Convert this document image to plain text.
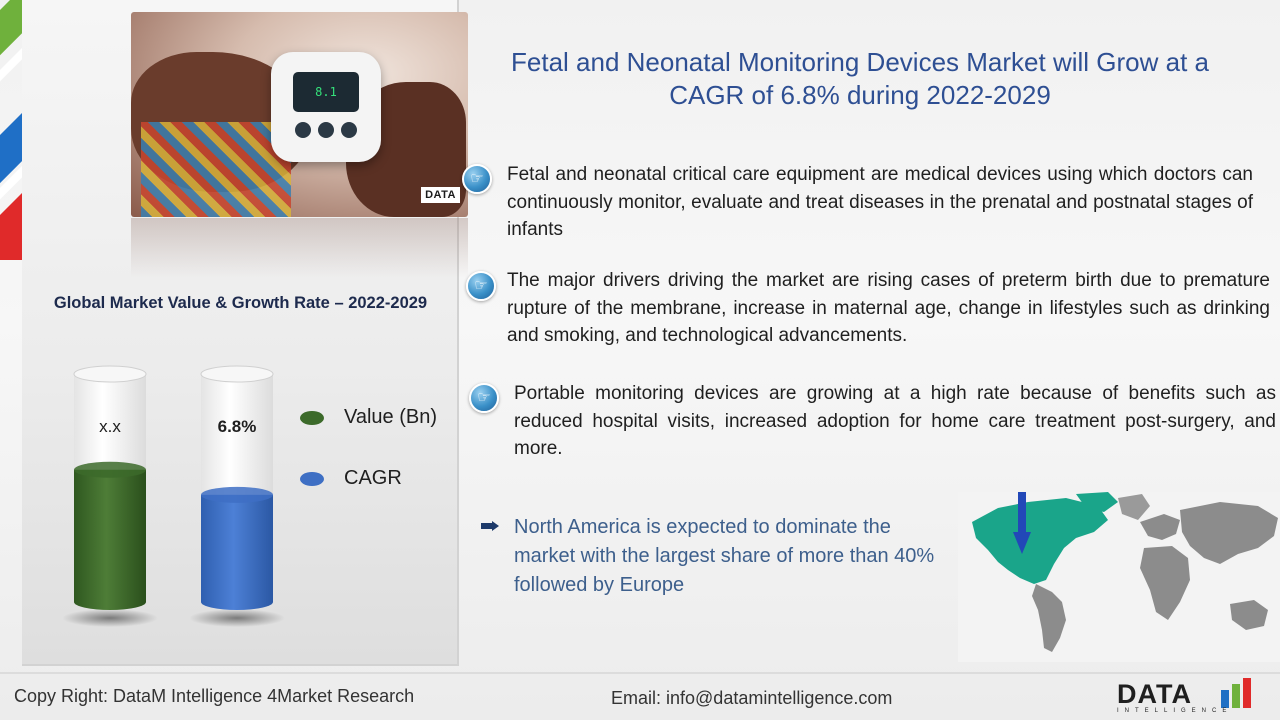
8.1
DATA
Global Market Value & Growth Rate – 2022-2029
x.x	6.8%	Value (Bn)
CAGR
Fetal and Neonatal Monitoring Devices Market will Grow at a CAGR of 6.8% during 2022-2029
☞	Fetal and neonatal critical care equipment are medical devices using which doctors can continuously monitor, evaluate and treat diseases in the prenatal and postnatal stages of infants
☞	The major drivers driving the market are rising cases of preterm birth due to premature rupture of the membrane, increase in maternal age, change in lifestyles such as drinking and smoking, and technological advancements.
☞	Portable monitoring devices are growing at a high rate because of benefits such as reduced hospital visits, increased adoption for home care treatment post-surgery, and more.
North America is expected to dominate the market with the largest share of more than 40% followed by Europe
Copy Right: DataM Intelligence 4Market Research	Email: info@datamintelligence.com	DATA
INTELLIGENCE
